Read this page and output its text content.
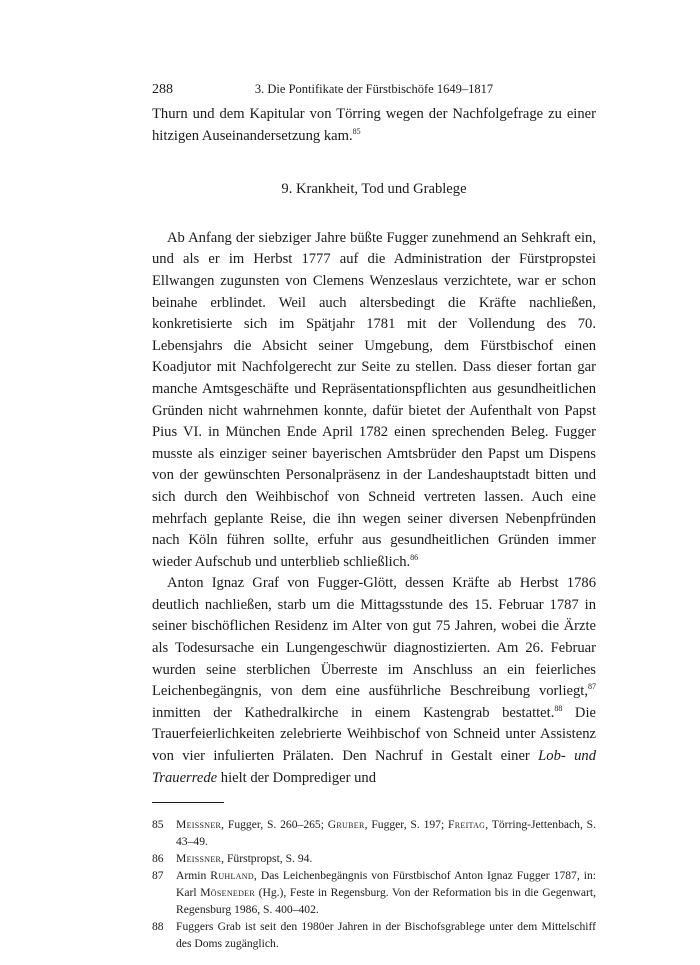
288	3. Die Pontifikate der Fürstbischöfe 1649–1817

Thurn und dem Kapitular von Törring wegen der Nachfolgefrage zu einer hitzigen Auseinandersetzung kam.$^{85}$

9. Krankheit, Tod und Grablege

Ab Anfang der siebziger Jahre büßte Fugger zunehmend an Sehkraft ein, und als er im Herbst 1777 auf die Administration der Fürstpropstei Ellwangen zugunsten von Clemens Wenzeslaus verzichtete, war er schon beinahe erblindet. Weil auch altersbedingt die Kräfte nachließen, konkretisierte sich im Spätjahr 1781 mit der Vollendung des 70. Lebensjahrs die Absicht seiner Umgebung, dem Fürstbischof einen Koadjutor mit Nachfolgerecht zur Seite zu stellen. Dass dieser fortan gar manche Amtsgeschäfte und Repräsentationspflichten aus gesundheitlichen Gründen nicht wahrnehmen konnte, dafür bietet der Aufenthalt von Papst Pius VI. in München Ende April 1782 einen sprechenden Beleg. Fugger musste als einziger seiner bayerischen Amtsbrüder den Papst um Dispens von der gewünschten Personalpräsenz in der Landeshauptstadt bitten und sich durch den Weihbischof von Schneid vertreten lassen. Auch eine mehrfach geplante Reise, die ihn wegen seiner diversen Nebenpfründen nach Köln führen sollte, erfuhr aus gesundheitlichen Gründen immer wieder Aufschub und unterblieb schließlich.$^{86}$

Anton Ignaz Graf von Fugger-Glött, dessen Kräfte ab Herbst 1786 deutlich nachließen, starb um die Mittagsstunde des 15. Februar 1787 in seiner bischöflichen Residenz im Alter von gut 75 Jahren, wobei die Ärzte als Todesursache ein Lungengeschwür diagnostizierten. Am 26. Februar wurden seine sterblichen Überreste im Anschluss an ein feierliches Leichenbegängnis, von dem eine ausführliche Beschreibung vorliegt,$^{87}$ inmitten der Kathedralkirche in einem Kastengrab bestattet.$^{88}$ Die Trauerfeierlichkeiten zelebrierte Weihbischof von Schneid unter Assistenz von vier infulierten Prälaten. Den Nachruf in Gestalt einer Lob- und Trauerrede hielt der Domprediger und

85	Meissner, Fugger, S. 260–265; Gruber, Fugger, S. 197; Freitag, Törring-Jettenbach, S. 43–49.
86	Meissner, Fürstpropst, S. 94.
87	Armin Ruhland, Das Leichenbegängnis von Fürstbischof Anton Ignaz Fugger 1787, in: Karl Möseneder (Hg.), Feste in Regensburg. Von der Reformation bis in die Gegenwart, Regensburg 1986, S. 400–402.
88	Fuggers Grab ist seit den 1980er Jahren in der Bischofsgrablege unter dem Mittelschiff des Doms zugänglich.
